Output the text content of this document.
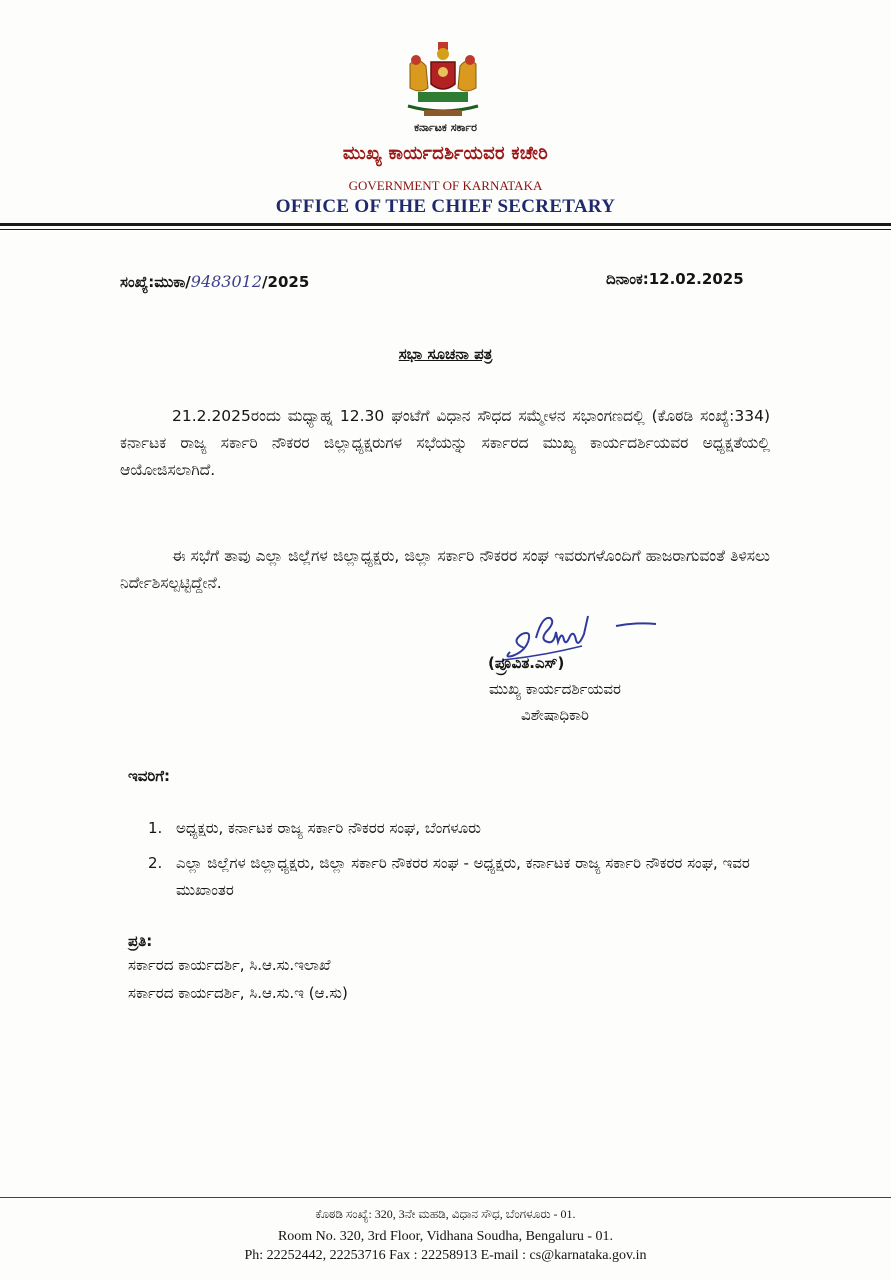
ಕರ್ನಾಟಕ ಸರ್ಕಾರ
ಮುಖ್ಯ ಕಾರ್ಯದರ್ಶಿಯವರ ಕಚೇರಿ
GOVERNMENT OF KARNATAKA
OFFICE OF THE CHIEF SECRETARY
ಸಂಖ್ಯೆ:ಮುಕಾ/9483012/2025	ದಿನಾಂಕ:12.02.2025
ಸಭಾ ಸೂಚನಾ ಪತ್ರ
21.2.2025ರಂದು ಮಧ್ಯಾಹ್ನ 12.30 ಘಂಟೆಗೆ ವಿಧಾನ ಸೌಧದ ಸಮ್ಮೇಳನ ಸಭಾಂಗಣದಲ್ಲಿ (ಕೊಠಡಿ ಸಂಖ್ಯೆ:334) ಕರ್ನಾಟಕ ರಾಜ್ಯ ಸರ್ಕಾರಿ ನೌಕರರ ಜಿಲ್ಲಾಧ್ಯಕ್ಷರುಗಳ ಸಭೆಯನ್ನು ಸರ್ಕಾರದ ಮುಖ್ಯ ಕಾರ್ಯದರ್ಶಿಯವರ ಅಧ್ಯಕ್ಷತೆಯಲ್ಲಿ ಆಯೋಜಿಸಲಾಗಿದೆ.
ಈ ಸಭೆಗೆ ತಾವು ಎಲ್ಲಾ ಜಿಲ್ಲೆಗಳ ಜಿಲ್ಲಾಧ್ಯಕ್ಷರು, ಜಿಲ್ಲಾ ಸರ್ಕಾರಿ ನೌಕರರ ಸಂಘ ಇವರುಗಳೊಂದಿಗೆ ಹಾಜರಾಗುವಂತೆ ತಿಳಿಸಲು ನಿರ್ದೇಶಿಸಲ್ಪಟ್ಟಿದ್ದೇನೆ.
(ಪ್ರೂವಿತ.ಎಸ್)
ಮುಖ್ಯ ಕಾರ್ಯದರ್ಶಿಯವರ
ವಿಶೇಷಾಧಿಕಾರಿ
ಇವರಿಗೆ:
1. ಅಧ್ಯಕ್ಷರು, ಕರ್ನಾಟಕ ರಾಜ್ಯ ಸರ್ಕಾರಿ ನೌಕರರ ಸಂಘ, ಬೆಂಗಳೂರು
2. ಎಲ್ಲಾ ಜಿಲ್ಲೆಗಳ ಜಿಲ್ಲಾಧ್ಯಕ್ಷರು, ಜಿಲ್ಲಾ ಸರ್ಕಾರಿ ನೌಕರರ ಸಂಘ - ಅಧ್ಯಕ್ಷರು, ಕರ್ನಾಟಕ ರಾಜ್ಯ ಸರ್ಕಾರಿ ನೌಕರರ ಸಂಘ, ಇವರ ಮುಖಾಂತರ
ಪ್ರತಿ:
ಸರ್ಕಾರದ ಕಾರ್ಯದರ್ಶಿ, ಸಿ.ಆ.ಸು.ಇಲಾಖೆ
ಸರ್ಕಾರದ ಕಾರ್ಯದರ್ಶಿ, ಸಿ.ಆ.ಸು.ಇ (ಆ.ಸು)
ಕೊಠಡಿ ಸಂಖ್ಯೆ: 320, 3ನೇ ಮಹಡಿ, ವಿಧಾನ ಸೌಧ, ಬೆಂಗಳೂರು - 01.
Room No. 320, 3rd Floor, Vidhana Soudha, Bengaluru - 01.
Ph: 22252442, 22253716 Fax : 22258913 E-mail : cs@karnataka.gov.in
